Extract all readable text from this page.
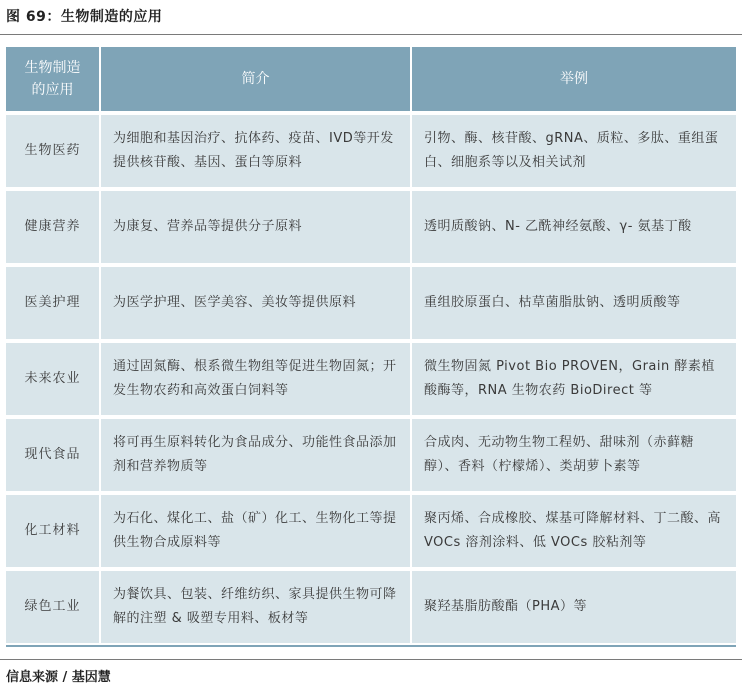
图 69：生物制造的应用
生物制造
的应用	简介	举例
生物医药	为细胞和基因治疗、抗体药、疫苗、IVD等开发提供核苷酸、基因、蛋白等原料	引物、酶、核苷酸、gRNA、质粒、多肽、重组蛋白、细胞系等以及相关试剂
健康营养	为康复、营养品等提供分子原料	透明质酸钠、N- 乙酰神经氨酸、γ- 氨基丁酸
医美护理	为医学护理、医学美容、美妆等提供原料	重组胶原蛋白、枯草菌脂肽钠、透明质酸等
未来农业	通过固氮酶、根系微生物组等促进生物固氮；开发生物农药和高效蛋白饲料等	微生物固氮 Pivot Bio PROVEN，Grain 酵素植酸酶等，RNA 生物农药 BioDirect 等
现代食品	将可再生原料转化为食品成分、功能性食品添加剂和营养物质等	合成肉、无动物生物工程奶、甜味剂（赤藓糖醇）、香料（柠檬烯）、类胡萝卜素等
化工材料	为石化、煤化工、盐（矿）化工、生物化工等提供生物合成原料等	聚丙烯、合成橡胶、煤基可降解材料、丁二酸、高 VOCs 溶剂涂料、低 VOCs 胶粘剂等
绿色工业	为餐饮具、包装、纤维纺织、家具提供生物可降解的注塑 & 吸塑专用料、板材等	聚羟基脂肪酸酯（PHA）等
信息来源 / 基因慧
